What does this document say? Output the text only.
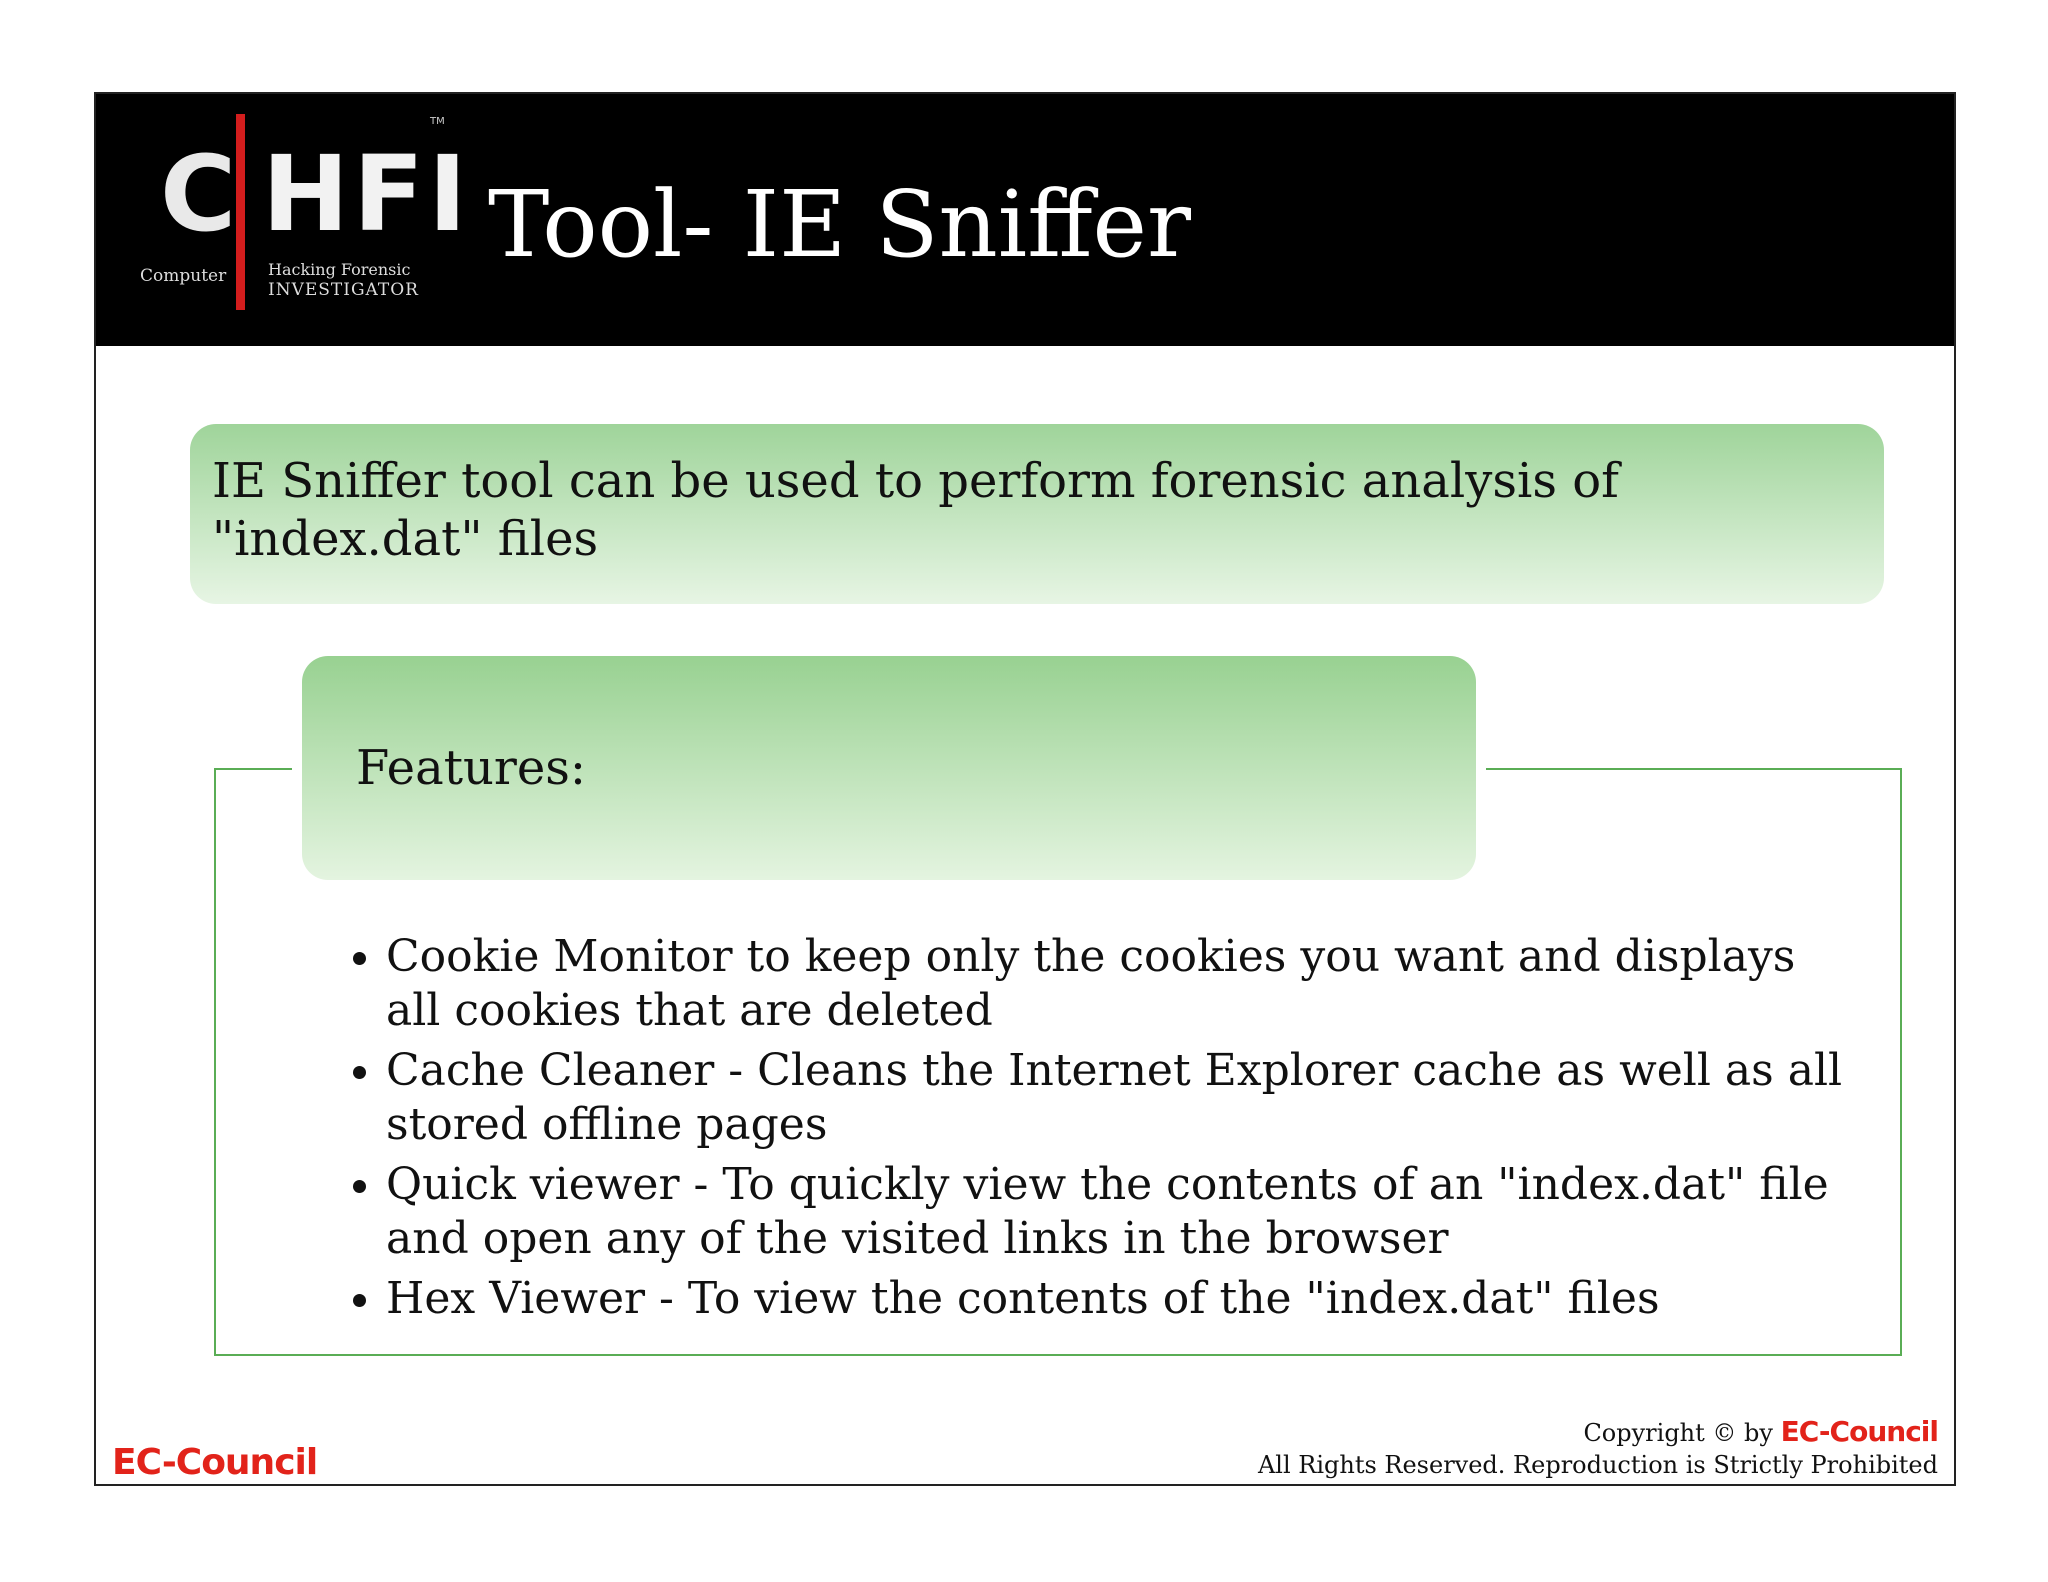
C HFI
TM
Computer	Hacking Forensic
INVESTIGATOR
Tool- IE Sniffer
IE Sniffer tool can be used to perform forensic analysis of "index.dat" files
Features:
• Cookie Monitor to keep only the cookies you want and displays all cookies that are deleted
• Cache Cleaner - Cleans the Internet Explorer cache as well as all stored offline pages
• Quick viewer - To quickly view the contents of an "index.dat" file and open any of the visited links in the browser
• Hex Viewer - To view the contents of the "index.dat" files
EC-Council
Copyright © by EC-Council
All Rights Reserved. Reproduction is Strictly Prohibited
